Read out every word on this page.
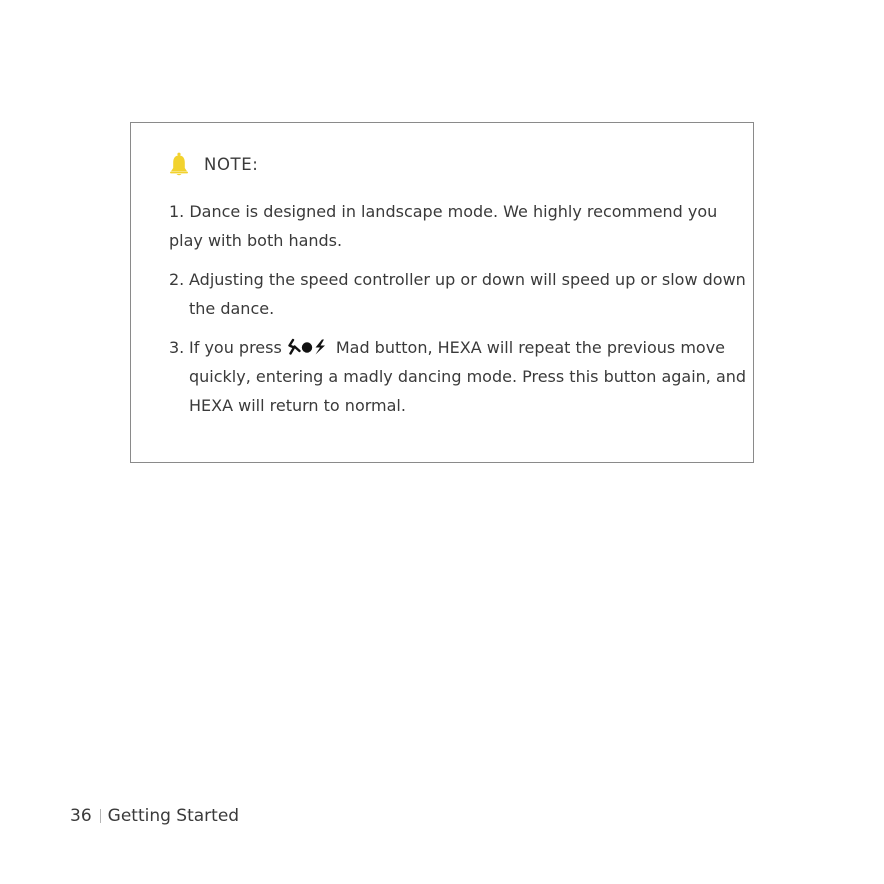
NOTE:
1. Dance is designed in landscape mode. We highly recommend you play with both hands.
2. Adjusting the speed controller up or down will speed up or slow down the dance.
3. If you press	Mad button, HEXA will repeat the previous move quickly, entering a madly dancing mode. Press this button again, and HEXA will return to normal.
36 Getting Started
